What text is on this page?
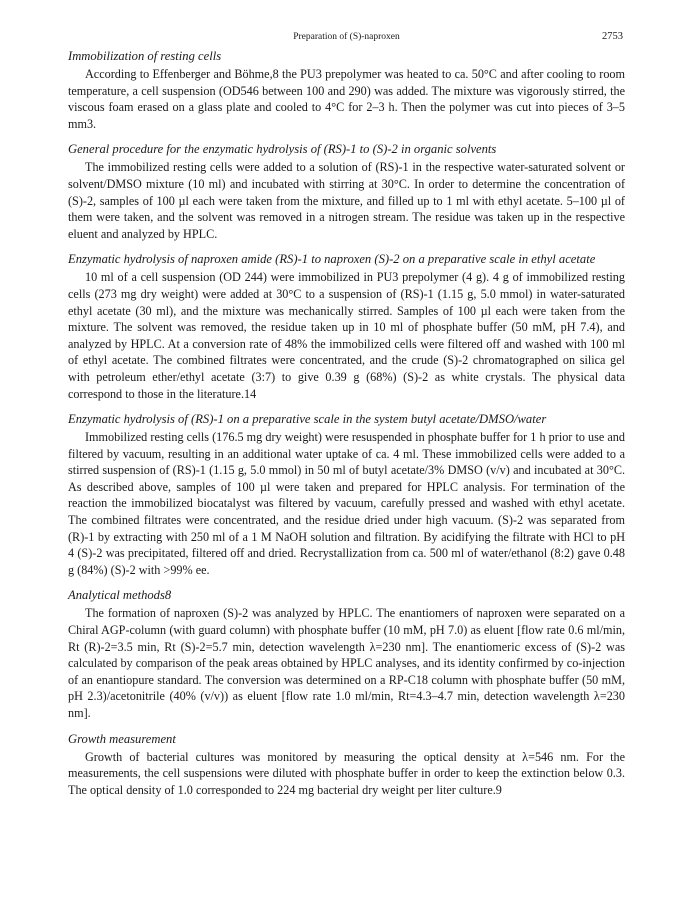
Preparation of (S)-naproxen	2753

Immobilization of resting cells

According to Effenberger and Böhme,8 the PU3 prepolymer was heated to ca. 50°C and after cooling to room temperature, a cell suspension (OD546 between 100 and 290) was added. The mixture was vigorously stirred, the viscous foam erased on a glass plate and cooled to 4°C for 2–3 h. Then the polymer was cut into pieces of 3–5 mm3.

General procedure for the enzymatic hydrolysis of (RS)-1 to (S)-2 in organic solvents

The immobilized resting cells were added to a solution of (RS)-1 in the respective water-saturated solvent or solvent/DMSO mixture (10 ml) and incubated with stirring at 30°C. In order to determine the concentration of (S)-2, samples of 100 µl each were taken from the mixture, and filled up to 1 ml with ethyl acetate. 5–100 µl of them were taken, and the solvent was removed in a nitrogen stream. The residue was taken up in the respective eluent and analyzed by HPLC.

Enzymatic hydrolysis of naproxen amide (RS)-1 to naproxen (S)-2 on a preparative scale in ethyl acetate

10 ml of a cell suspension (OD 244) were immobilized in PU3 prepolymer (4 g). 4 g of immobilized resting cells (273 mg dry weight) were added at 30°C to a suspension of (RS)-1 (1.15 g, 5.0 mmol) in water-saturated ethyl acetate (30 ml), and the mixture was mechanically stirred. Samples of 100 µl each were taken from the mixture. The solvent was removed, the residue taken up in 10 ml of phosphate buffer (50 mM, pH 7.4), and analyzed by HPLC. At a conversion rate of 48% the immobilized cells were filtered off and washed with 100 ml of ethyl acetate. The combined filtrates were concentrated, and the crude (S)-2 chromatographed on silica gel with petroleum ether/ethyl acetate (3:7) to give 0.39 g (68%) (S)-2 as white crystals. The physical data correspond to those in the literature.14

Enzymatic hydrolysis of (RS)-1 on a preparative scale in the system butyl acetate/DMSO/water

Immobilized resting cells (176.5 mg dry weight) were resuspended in phosphate buffer for 1 h prior to use and filtered by vacuum, resulting in an additional water uptake of ca. 4 ml. These immobilized cells were added to a stirred suspension of (RS)-1 (1.15 g, 5.0 mmol) in 50 ml of butyl acetate/3% DMSO (v/v) and incubated at 30°C. As described above, samples of 100 µl were taken and prepared for HPLC analysis. For termination of the reaction the immobilized biocatalyst was filtered by vacuum, carefully pressed and washed with ethyl acetate. The combined filtrates were concentrated, and the residue dried under high vacuum. (S)-2 was separated from (R)-1 by extracting with 250 ml of a 1 M NaOH solution and filtration. By acidifying the filtrate with HCl to pH 4 (S)-2 was precipitated, filtered off and dried. Recrystallization from ca. 500 ml of water/ethanol (8:2) gave 0.48 g (84%) (S)-2 with >99% ee.

Analytical methods8

The formation of naproxen (S)-2 was analyzed by HPLC. The enantiomers of naproxen were separated on a Chiral AGP-column (with guard column) with phosphate buffer (10 mM, pH 7.0) as eluent [flow rate 0.6 ml/min, Rt (R)-2=3.5 min, Rt (S)-2=5.7 min, detection wavelength λ=230 nm]. The enantiomeric excess of (S)-2 was calculated by comparison of the peak areas obtained by HPLC analyses, and its identity confirmed by co-injection of an enantiopure standard. The conversion was determined on a RP-C18 column with phosphate buffer (50 mM, pH 2.3)/acetonitrile (40% (v/v)) as eluent [flow rate 1.0 ml/min, Rt=4.3–4.7 min, detection wavelength λ=230 nm].

Growth measurement

Growth of bacterial cultures was monitored by measuring the optical density at λ=546 nm. For the measurements, the cell suspensions were diluted with phosphate buffer in order to keep the extinction below 0.3. The optical density of 1.0 corresponded to 224 mg bacterial dry weight per liter culture.9
